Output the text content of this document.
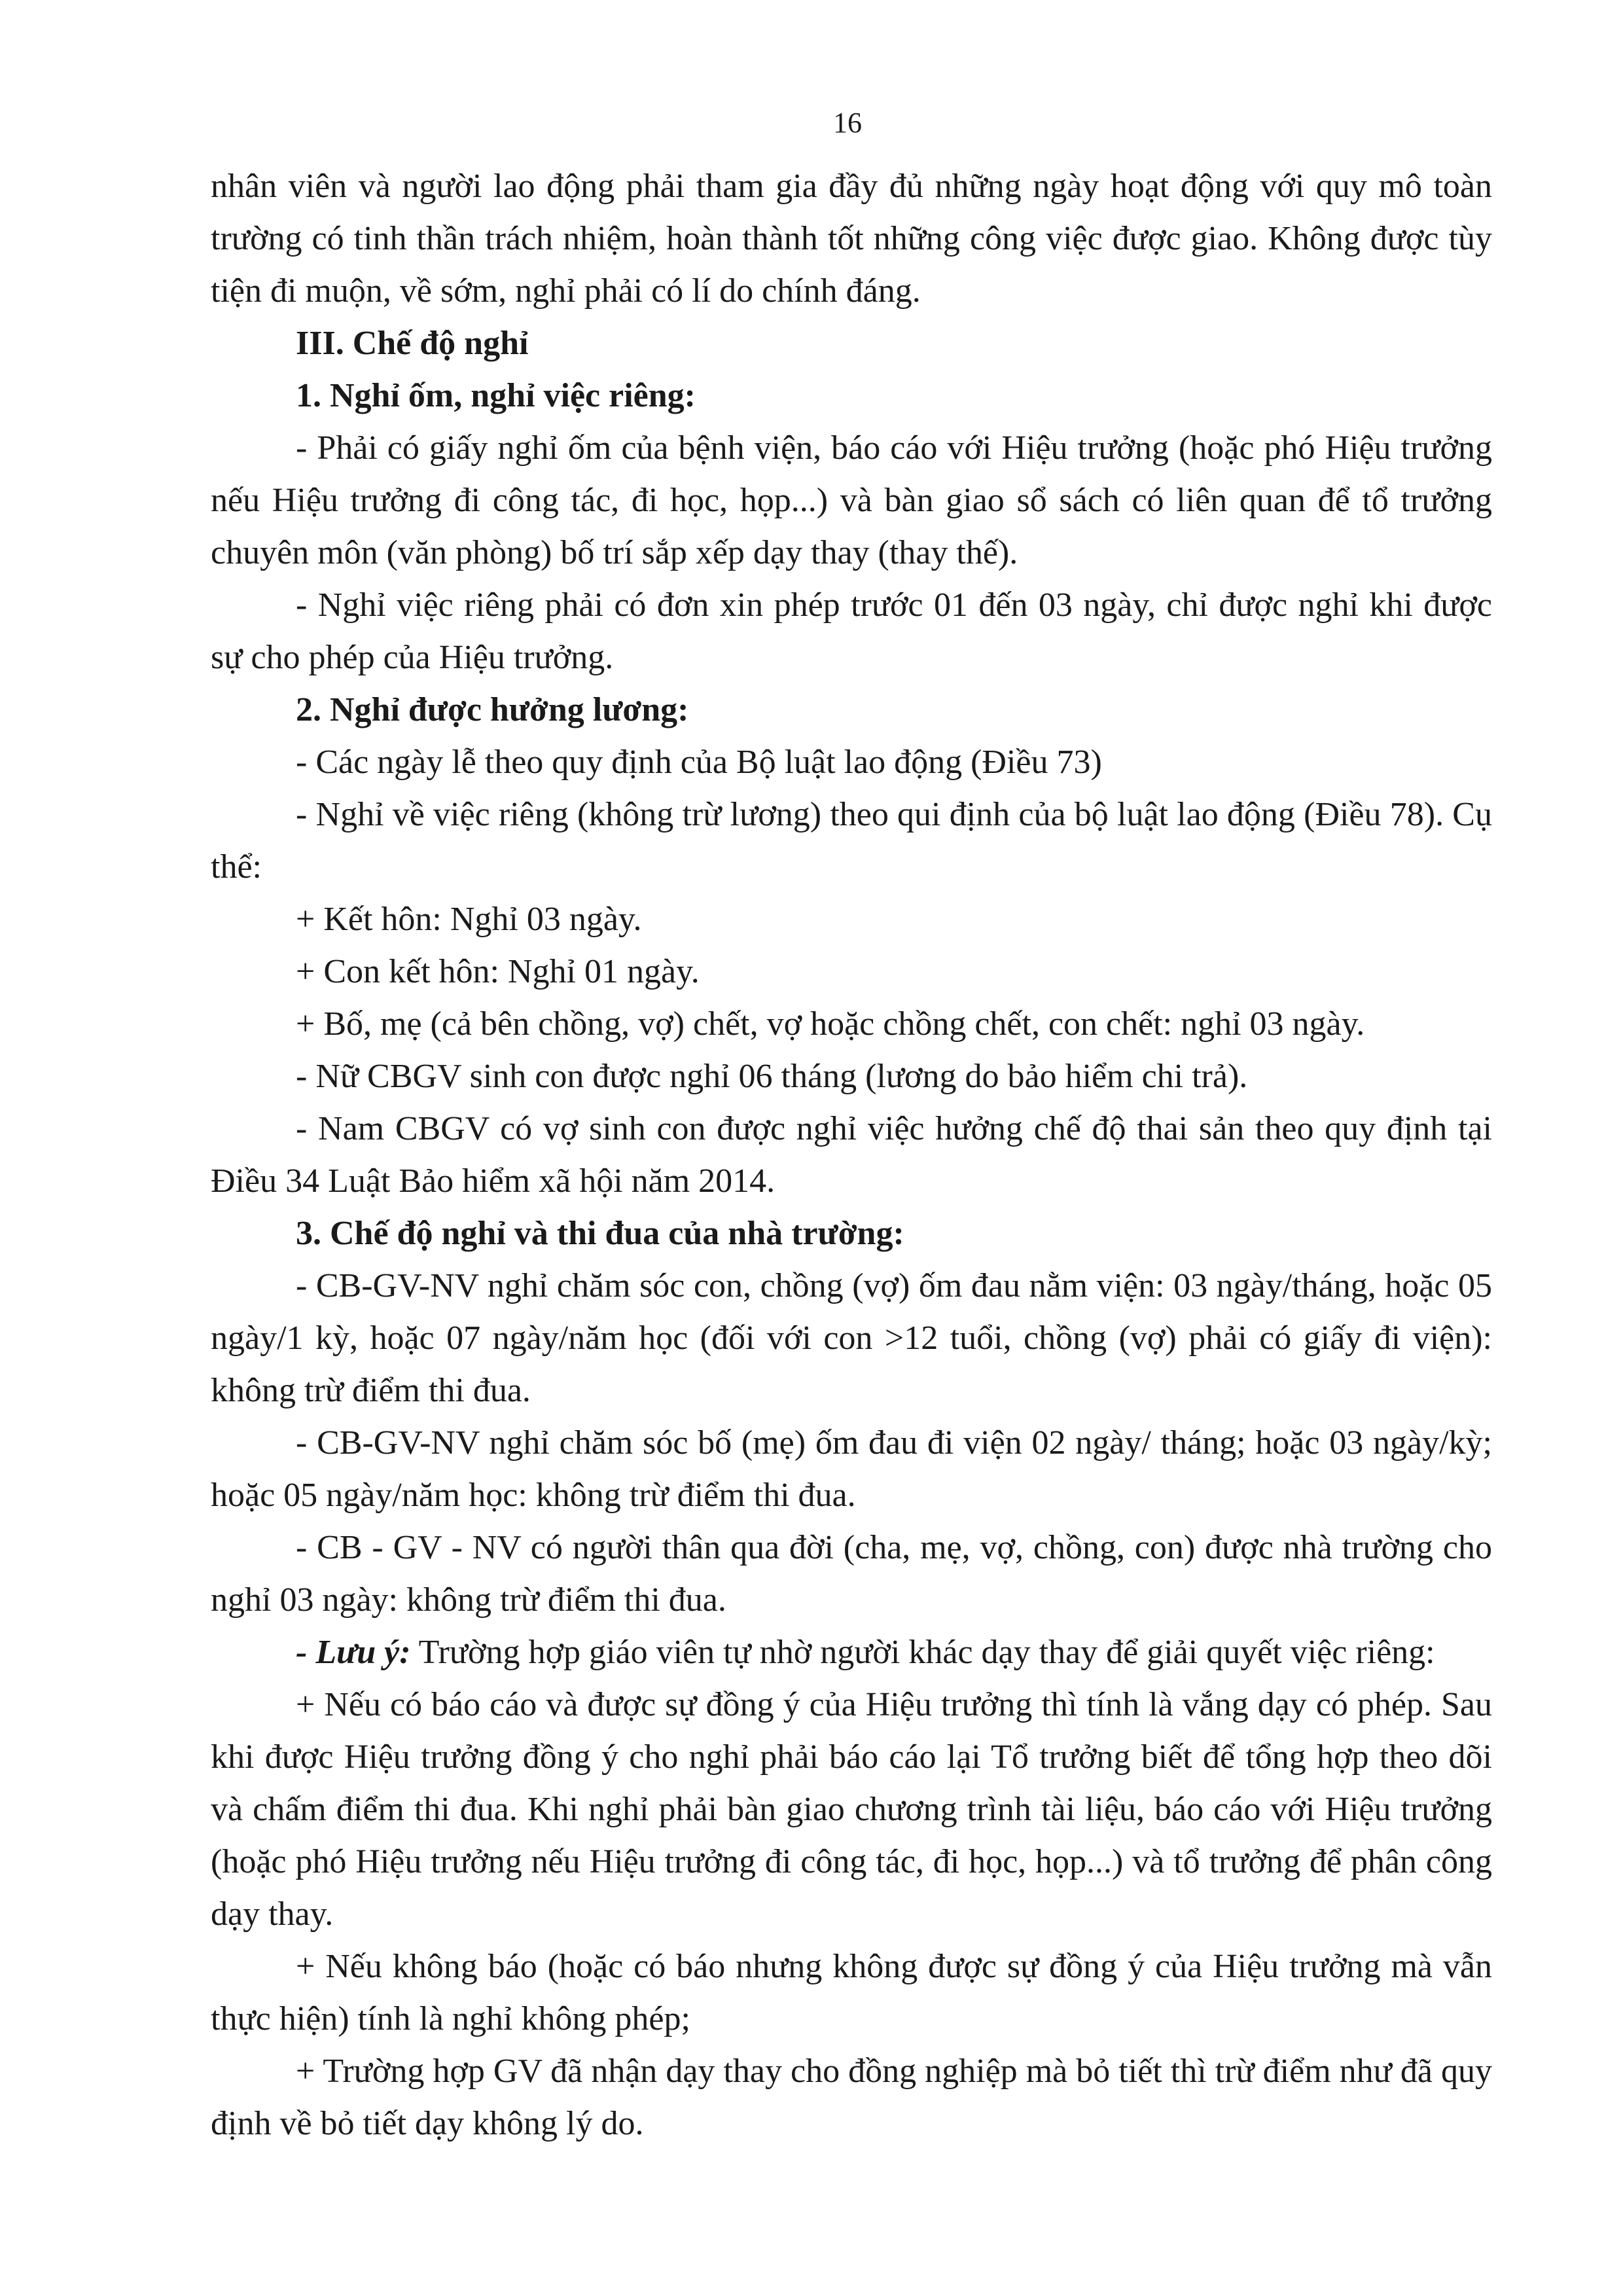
16

nhân viên và người lao động phải tham gia đầy đủ những ngày hoạt động với quy mô toàn trường có tinh thần trách nhiệm, hoàn thành tốt những công việc được giao. Không được tùy tiện đi muộn, về sớm, nghỉ phải có lí do chính đáng.

III. Chế độ nghỉ

1. Nghỉ ốm, nghỉ việc riêng:

- Phải có giấy nghỉ ốm của bệnh viện, báo cáo với Hiệu trưởng (hoặc phó Hiệu trưởng nếu Hiệu trưởng đi công tác, đi học, họp...) và bàn giao sổ sách có liên quan để tổ trưởng chuyên môn (văn phòng) bố trí sắp xếp dạy thay (thay thế).

- Nghỉ việc riêng phải có đơn xin phép trước 01 đến 03 ngày, chỉ được nghỉ khi được sự cho phép của Hiệu trưởng.

2. Nghỉ được hưởng lương:

- Các ngày lễ theo quy định của Bộ luật lao động (Điều 73)

- Nghỉ về việc riêng (không trừ lương) theo qui định của bộ luật lao động (Điều 78). Cụ thể:

+ Kết hôn: Nghỉ 03 ngày.

+ Con kết hôn: Nghỉ 01 ngày.

+ Bố, mẹ (cả bên chồng, vợ) chết, vợ hoặc chồng chết, con chết: nghỉ 03 ngày.

- Nữ CBGV sinh con được nghỉ 06 tháng (lương do bảo hiểm chi trả).

- Nam CBGV có vợ sinh con được nghỉ việc hưởng chế độ thai sản theo quy định tại Điều 34 Luật Bảo hiểm xã hội năm 2014.

3. Chế độ nghỉ và thi đua của nhà trường:

- CB-GV-NV nghỉ chăm sóc con, chồng (vợ) ốm đau nằm viện: 03 ngày/tháng, hoặc 05 ngày/1 kỳ, hoặc 07 ngày/năm học (đối với con >12 tuổi, chồng (vợ) phải có giấy đi viện): không trừ điểm thi đua.

- CB-GV-NV nghỉ chăm sóc bố (mẹ) ốm đau đi viện 02 ngày/ tháng; hoặc 03 ngày/kỳ; hoặc 05 ngày/năm học: không trừ điểm thi đua.

- CB - GV - NV có người thân qua đời (cha, mẹ, vợ, chồng, con) được nhà trường cho nghỉ 03 ngày: không trừ điểm thi đua.

- Lưu ý: Trường hợp giáo viên tự nhờ người khác dạy thay để giải quyết việc riêng:

+ Nếu có báo cáo và được sự đồng ý của Hiệu trưởng thì tính là vắng dạy có phép. Sau khi được Hiệu trưởng đồng ý cho nghỉ phải báo cáo lại Tổ trưởng biết để tổng hợp theo dõi và chấm điểm thi đua. Khi nghỉ phải bàn giao chương trình tài liệu, báo cáo với Hiệu trưởng (hoặc phó Hiệu trưởng nếu Hiệu trưởng đi công tác, đi học, họp...) và tổ trưởng để phân công dạy thay.

+ Nếu không báo (hoặc có báo nhưng không được sự đồng ý của Hiệu trưởng mà vẫn thực hiện) tính là nghỉ không phép;

+ Trường hợp GV đã nhận dạy thay cho đồng nghiệp mà bỏ tiết thì trừ điểm như đã quy định về bỏ tiết dạy không lý do.
